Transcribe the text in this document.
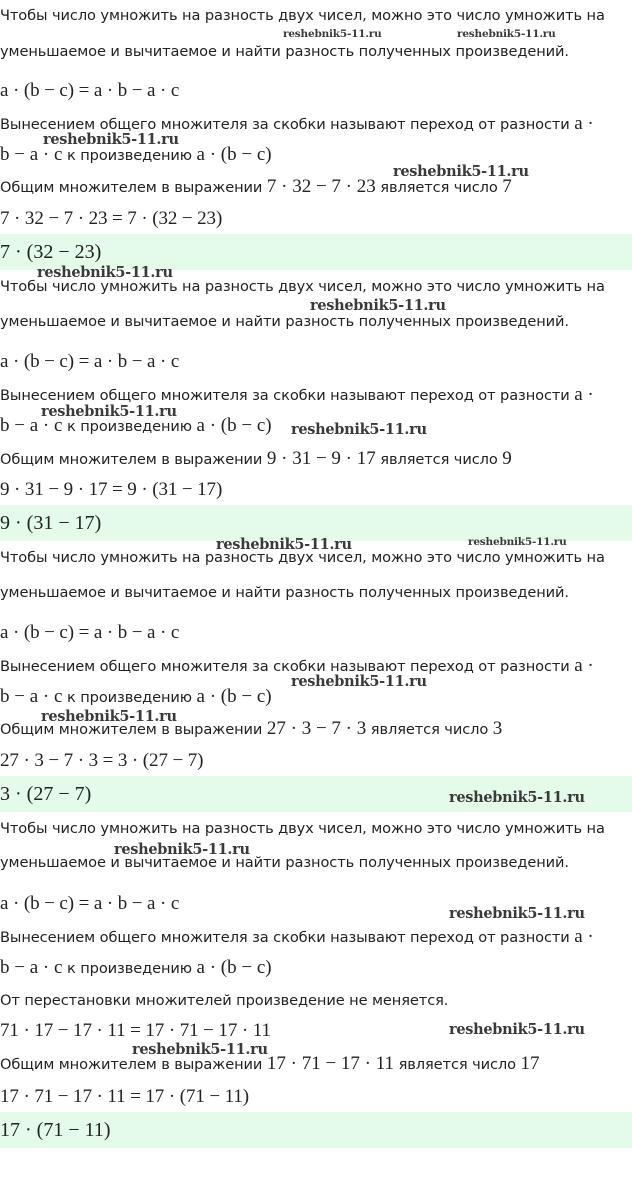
Чтобы число умножить на разность двух чисел, можно это число умножить на
уменьшаемое и вычитаемое и найти разность полученных произведений.
a · (b − c) = a · b − a · c
Вынесением общего множителя за скобки называют переход от разности a ·
b − a · c к произведению a · (b − c)
Общим множителем в выражении 7 · 32 − 7 · 23 является число 7
7 · 32 − 7 · 23 = 7 · (32 − 23)
7 · (32 − 23)
Чтобы число умножить на разность двух чисел, можно это число умножить на
уменьшаемое и вычитаемое и найти разность полученных произведений.
a · (b − c) = a · b − a · c
Вынесением общего множителя за скобки называют переход от разности a ·
b − a · c к произведению a · (b − c)
Общим множителем в выражении 9 · 31 − 9 · 17 является число 9
9 · 31 − 9 · 17 = 9 · (31 − 17)
9 · (31 − 17)
Чтобы число умножить на разность двух чисел, можно это число умножить на
уменьшаемое и вычитаемое и найти разность полученных произведений.
a · (b − c) = a · b − a · c
Вынесением общего множителя за скобки называют переход от разности a ·
b − a · c к произведению a · (b − c)
Общим множителем в выражении 27 · 3 − 7 · 3 является число 3
27 · 3 − 7 · 3 = 3 · (27 − 7)
3 · (27 − 7)
Чтобы число умножить на разность двух чисел, можно это число умножить на
уменьшаемое и вычитаемое и найти разность полученных произведений.
a · (b − c) = a · b − a · c
Вынесением общего множителя за скобки называют переход от разности a ·
b − a · c к произведению a · (b − c)
От перестановки множителей произведение не меняется.
71 · 17 − 17 · 11 = 17 · 71 − 17 · 11
Общим множителем в выражении 17 · 71 − 17 · 11 является число 17
17 · 71 − 17 · 11 = 17 · (71 − 11)
17 · (71 − 11)
reshebnik5-11.ru	reshebnik5-11.ru
reshebnik5-11.ru
reshebnik5-11.ru
reshebnik5-11.ru
reshebnik5-11.ru
reshebnik5-11.ru
reshebnik5-11.ru
reshebnik5-11.ru	reshebnik5-11.ru
reshebnik5-11.ru
reshebnik5-11.ru
reshebnik5-11.ru
reshebnik5-11.ru
reshebnik5-11.ru
reshebnik5-11.ru
reshebnik5-11.ru
